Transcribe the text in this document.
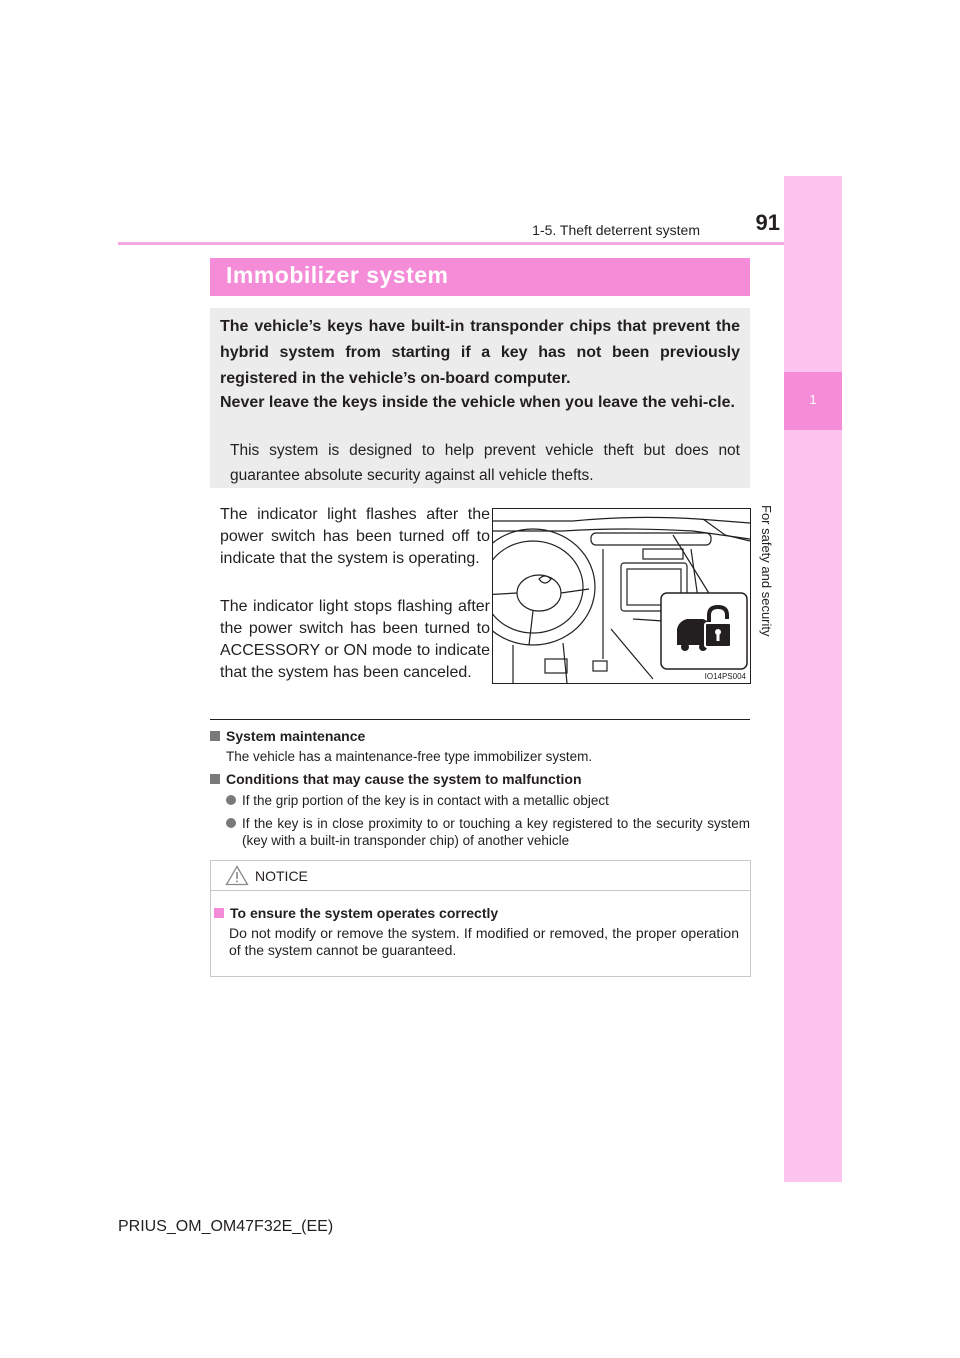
1-5. Theft deterrent system	91
1
For safety and security
Immobilizer system
The vehicle’s keys have built-in transponder chips that prevent the hybrid system from starting if a key has not been previously registered in the vehicle’s on-board computer.
Never leave the keys inside the vehicle when you leave the vehi-cle.
This system is designed to help prevent vehicle theft but does not guarantee absolute security against all vehicle thefts.
The indicator light flashes after the power switch has been turned off to indicate that the system is operating.
The indicator light stops flashing after the power switch has been turned to ACCESSORY or ON mode to indicate that the system has been canceled.	IO14PS004
System maintenance
The vehicle has a maintenance-free type immobilizer system.
Conditions that may cause the system to malfunction
If the grip portion of the key is in contact with a metallic object
If the key is in close proximity to or touching a key registered to the security system (key with a built-in transponder chip) of another vehicle
NOTICE
To ensure the system operates correctly
Do not modify or remove the system. If modified or removed, the proper operation of the system cannot be guaranteed.
PRIUS_OM_OM47F32E_(EE)
